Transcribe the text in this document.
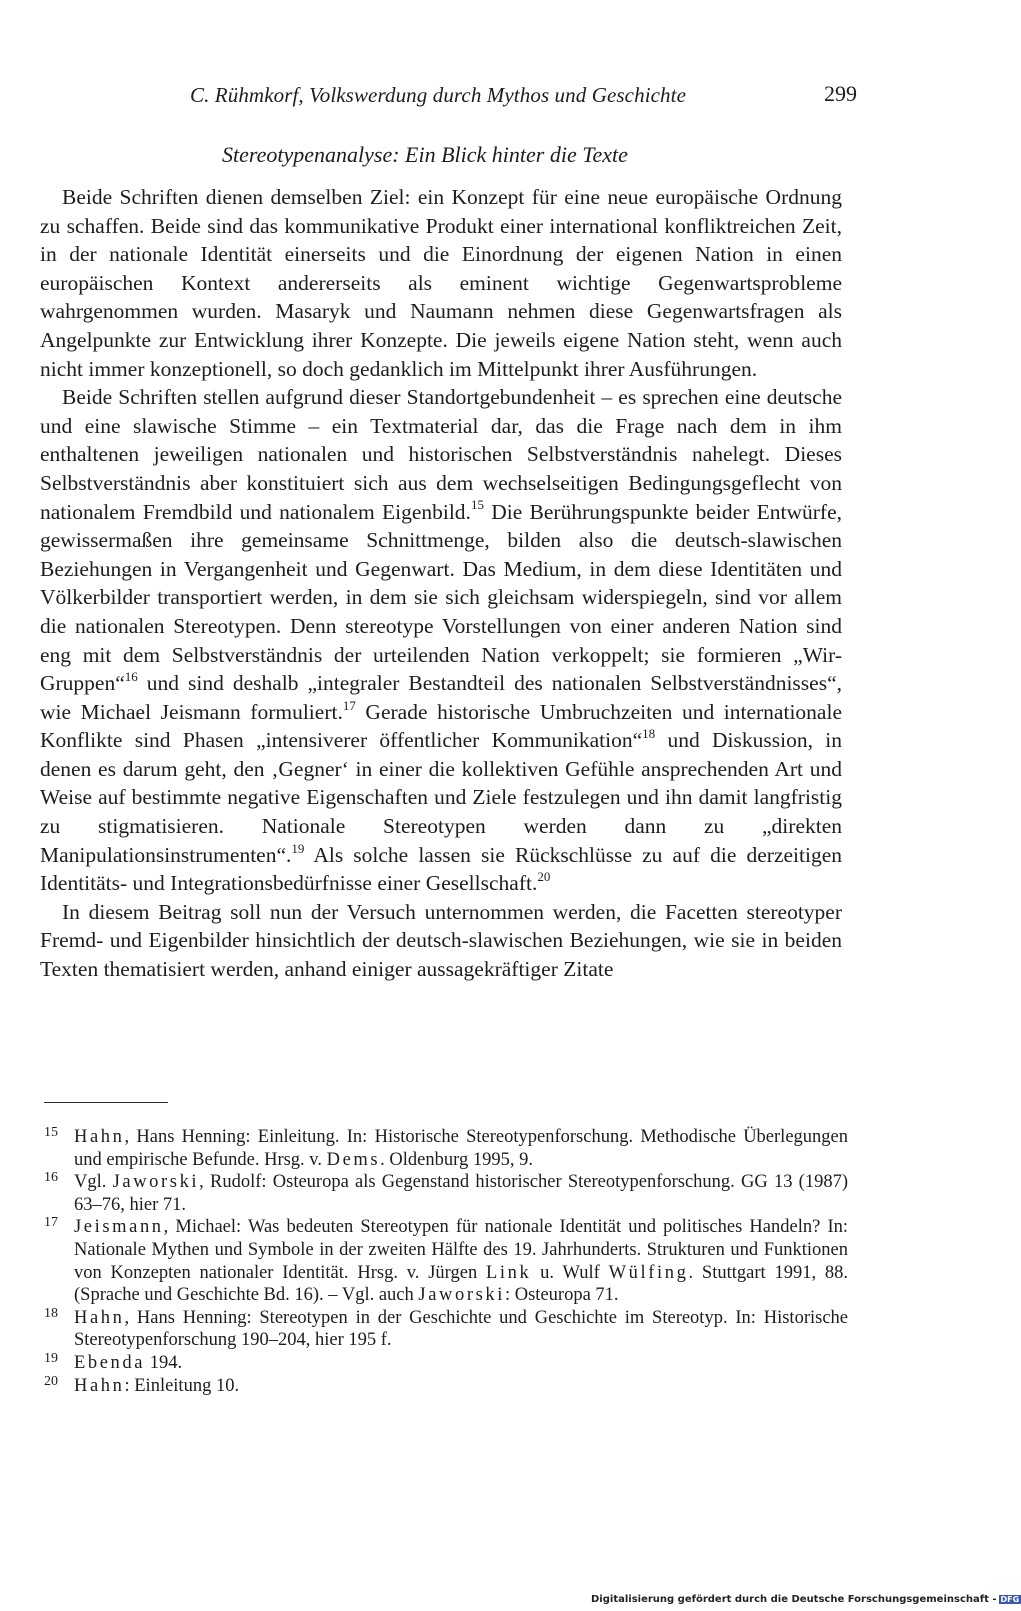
C. Rühmkorf, Volkswerdung durch Mythos und Geschichte	299
Stereotypenanalyse: Ein Blick hinter die Texte

Beide Schriften dienen demselben Ziel: ein Konzept für eine neue europäische Ordnung zu schaffen. Beide sind das kommunikative Produkt einer international konfliktreichen Zeit, in der nationale Identität einerseits und die Einordnung der eigenen Nation in einen europäischen Kontext andererseits als eminent wichtige Gegenwartsprobleme wahrgenommen wurden. Masaryk und Naumann nehmen diese Gegenwartsfragen als Angelpunkte zur Entwicklung ihrer Konzepte. Die jeweils eigene Nation steht, wenn auch nicht immer konzeptionell, so doch gedanklich im Mittelpunkt ihrer Ausführungen.

Beide Schriften stellen aufgrund dieser Standortgebundenheit – es sprechen eine deutsche und eine slawische Stimme – ein Textmaterial dar, das die Frage nach dem in ihm enthaltenen jeweiligen nationalen und historischen Selbstverständnis nahelegt. Dieses Selbstverständnis aber konstituiert sich aus dem wechselseitigen Bedingungsgeflecht von nationalem Fremdbild und nationalem Eigenbild.$^{15}$ Die Berührungspunkte beider Entwürfe, gewissermaßen ihre gemeinsame Schnittmenge, bilden also die deutsch-slawischen Beziehungen in Vergangenheit und Gegenwart. Das Medium, in dem diese Identitäten und Völkerbilder transportiert werden, in dem sie sich gleichsam widerspiegeln, sind vor allem die nationalen Stereotypen. Denn stereotype Vorstellungen von einer anderen Nation sind eng mit dem Selbstverständnis der urteilenden Nation verkoppelt; sie formieren „Wir-Gruppen“$^{16}$ und sind deshalb „integraler Bestandteil des nationalen Selbstverständnisses“, wie Michael Jeismann formuliert.$^{17}$ Gerade historische Umbruchzeiten und internationale Konflikte sind Phasen „intensiverer öffentlicher Kommunikation“$^{18}$ und Diskussion, in denen es darum geht, den ‚Gegner‘ in einer die kollektiven Gefühle ansprechenden Art und Weise auf bestimmte negative Eigenschaften und Ziele festzulegen und ihn damit langfristig zu stigmatisieren. Nationale Stereotypen werden dann zu „direkten Manipulationsinstrumenten“.$^{19}$ Als solche lassen sie Rückschlüsse zu auf die derzeitigen Identitäts- und Integrationsbedürfnisse einer Gesellschaft.$^{20}$

In diesem Beitrag soll nun der Versuch unternommen werden, die Facetten stereotyper Fremd- und Eigenbilder hinsichtlich der deutsch-slawischen Beziehungen, wie sie in beiden Texten thematisiert werden, anhand einiger aussagekräftiger Zitate

15 Hahn, Hans Henning: Einleitung. In: Historische Stereotypenforschung. Methodische Überlegungen und empirische Befunde. Hrsg. v. Dems. Oldenburg 1995, 9.
16 Vgl. Jaworski, Rudolf: Osteuropa als Gegenstand historischer Stereotypenforschung. GG 13 (1987) 63–76, hier 71.
17 Jeismann, Michael: Was bedeuten Stereotypen für nationale Identität und politisches Handeln? In: Nationale Mythen und Symbole in der zweiten Hälfte des 19. Jahrhunderts. Strukturen und Funktionen von Konzepten nationaler Identität. Hrsg. v. Jürgen Link u. Wulf Wülfing. Stuttgart 1991, 88. (Sprache und Geschichte Bd. 16). – Vgl. auch Jaworski: Osteuropa 71.
18 Hahn, Hans Henning: Stereotypen in der Geschichte und Geschichte im Stereotyp. In: Historische Stereotypenforschung 190–204, hier 195 f.
19 Ebenda 194.
20 Hahn: Einleitung 10.
Digitalisierung gefördert durch die Deutsche Forschungsgemeinschaft - DFG
